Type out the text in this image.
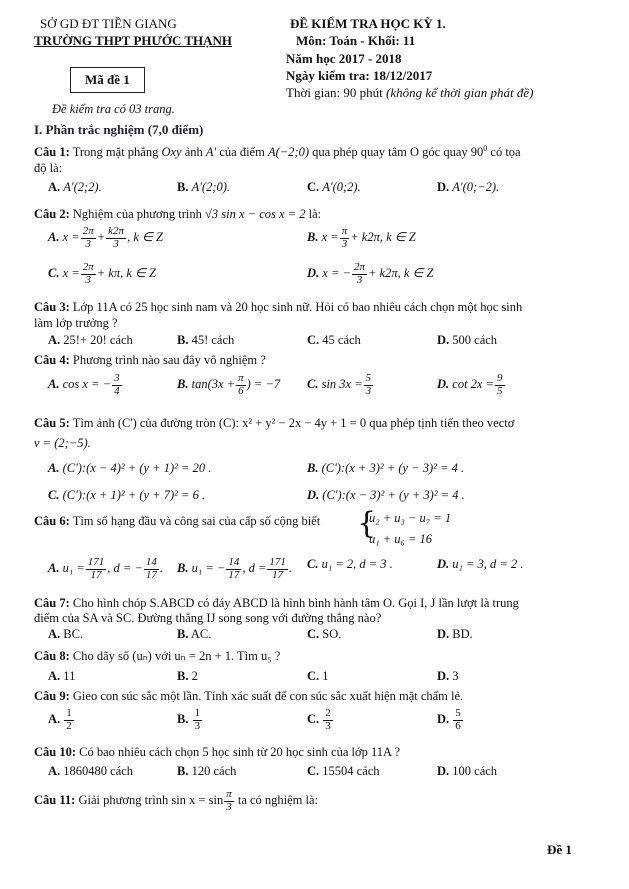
SỞ GD ĐT TIỀN GIANG
TRƯỜNG THPT PHƯỚC THẠNH
ĐỀ KIỂM TRA HỌC KỲ 1.
Môn: Toán - Khối: 11
Năm học 2017 - 2018
Ngày kiểm tra: 18/12/2017
Thời gian: 90 phút (không kể thời gian phát đề)
Mã đề 1
Đề kiểm tra có 03 trang.
I. Phần trắc nghiệm (7,0 điểm)
Câu 1: Trong mặt phẳng Oxy ảnh A' của điểm A(−2;0) qua phép quay tâm O góc quay $90^0$ có tọa
độ là:
A. A'(2;2).	B. A'(2;0).	C. A'(0;2).	D. A'(0;−2).
Câu 2: Nghiệm của phương trình √3 sin x − cos x = 2 là:
A. $x = \frac{2\pi}{3} + \frac{k2\pi}{3}$ , k ∈ Z	B. $x = \frac{\pi}{3} + k2\pi$, k ∈ Z
C. $x = \frac{2\pi}{3} + k\pi$, k ∈ Z	D. x = − $\frac{2\pi}{3} + k2\pi$, k ∈ Z
Câu 3: Lớp 11A có 25 học sinh nam và 20 học sinh nữ. Hỏi có bao nhiêu cách chọn một học sinh
làm lớp trưởng ?
A. 25!+ 20! cách	B. 45! cách	C. 45 cách	D. 500 cách
Câu 4: Phương trình nào sau đây vô nghiệm ?
A. cos x = − $\frac{3}{4}$	B. $\tan(3x + \frac{\pi}{6}$ ) = −7 C. $\sin 3x = \frac{5}{3}$	D. $\cot 2x = \frac{9}{5}$
Câu 5: Tìm ảnh (C') của đường tròn (C): x² + y² − 2x − 4y + 1 = 0 qua phép tịnh tiến theo vectơ
v = (2;−5).
A. (C'):(x − 4)² + (y + 1)² = 20 .	B. (C'):(x + 3)² + (y − 3)² = 4 .
C. (C'):(x + 1)² + (y + 7)² = 6 .	D. (C'):(x − 3)² + (y + 3)² = 4 .
Câu 6: Tìm số hạng đầu và công sai của cấp số cộng biết {
u₂ + u₃ − u₇ = 1
u₁ + u₆ = 16
A. $u_1 = \frac{171}{17}$ , d = − $\frac{14}{17}$ . B. u₁ = − $\frac{14}{17}$ , $d = \frac{171}{17}$ . C. u₁ = 2, d = 3 .	D. u₁ = 3, d = 2 .
Câu 7: Cho hình chóp S.ABCD có đáy ABCD là hình bình hành tâm O. Gọi I, J lần lượt là trung
điểm của SA và SC. Đường thẳng IJ song song với đường thẳng nào?
A. BC.	B. AC.	C. SO.	D. BD.
Câu 8: Cho dãy số (uₙ) với uₙ = 2n + 1. Tìm u₅ ?
A. 11	B. 2	C. 1	D. 3
Câu 9: Gieo con súc sắc một lần. Tính xác suất để con súc sắc xuất hiện mặt chấm lẻ.
A. $\frac{1}{2}$	B. $\frac{1}{3}$	C. $\frac{2}{3}$	D. $\frac{5}{6}$
Câu 10: Có bao nhiêu cách chọn 5 học sinh từ 20 học sinh của lớp 11A ?
A. 1860480 cách	B. 120 cách	C. 15504 cách	D. 100 cách
Câu 11: Giải phương trình $\sin x = \sin \frac{\pi}{3}$ ta có nghiệm là:
Đề 1
